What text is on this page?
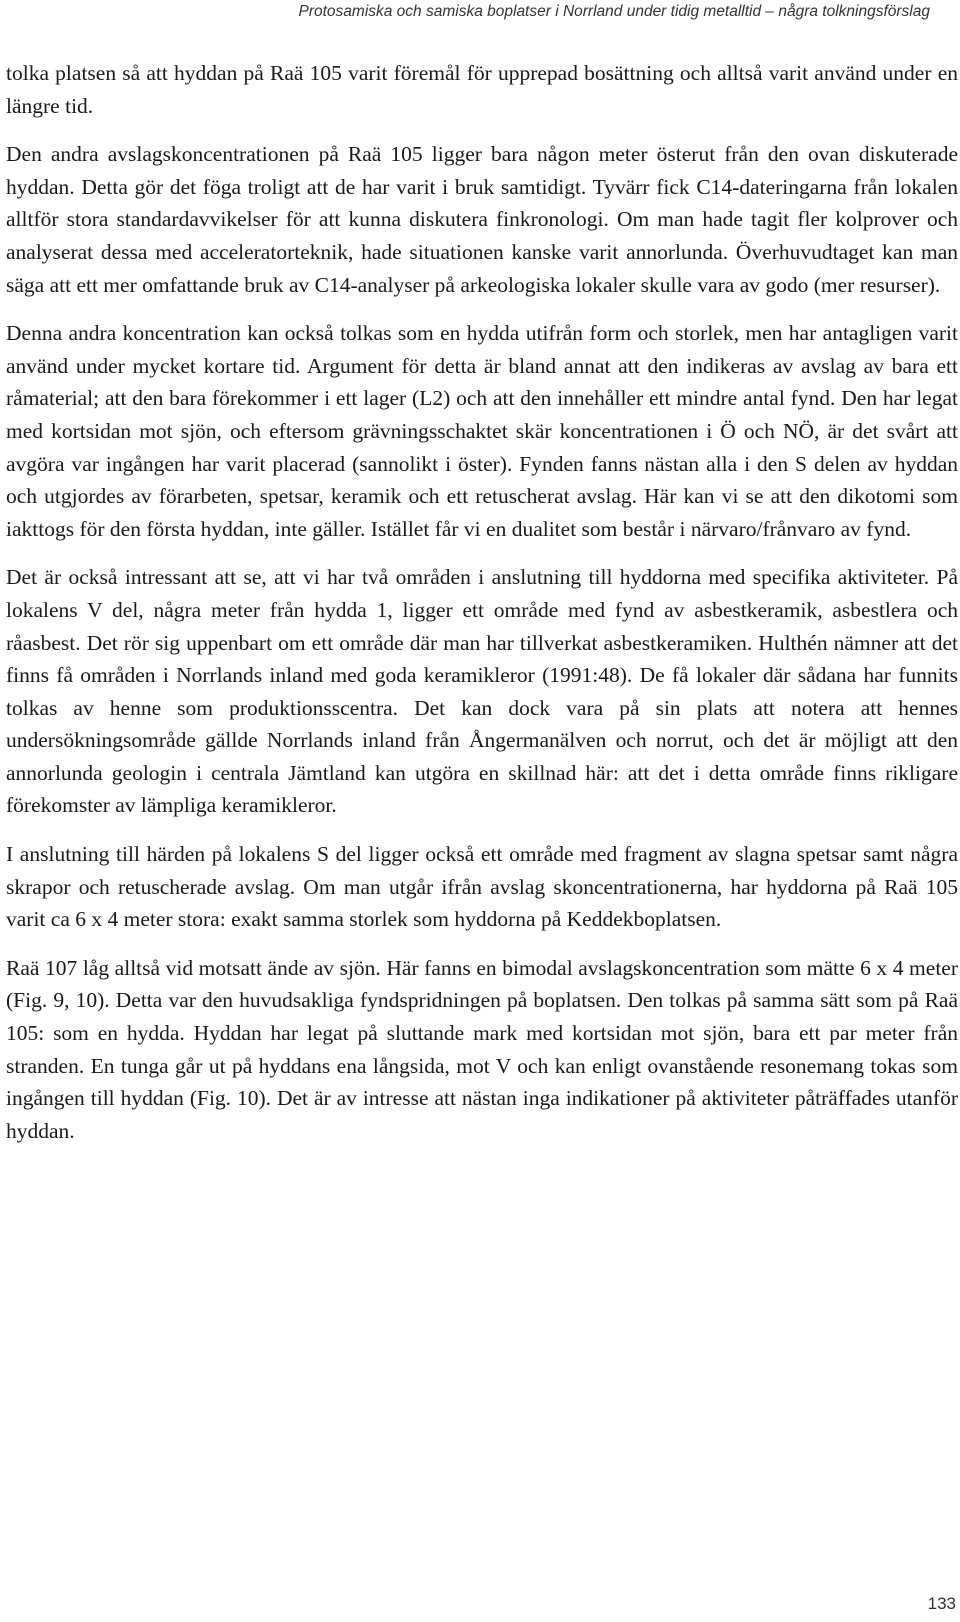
Protosamiska och samiska boplatser i Norrland under tidig metalltid – några tolkningsförslag

tolka platsen så att hyddan på Raä 105 varit föremål för upprepad bosättning och alltså varit använd under en längre tid.

Den andra avslagskoncentrationen på Raä 105 ligger bara någon meter österut från den ovan diskuterade hyddan. Detta gör det föga troligt att de har varit i bruk samtidigt. Tyvärr fick C14-dateringarna från lokalen alltför stora standardavvikelser för att kunna diskutera finkronologi. Om man hade tagit fler kolprover och analyserat dessa med acceleratorteknik, hade situationen kanske varit annorlunda. Överhuvudtaget kan man säga att ett mer omfattande bruk av C14-analyser på arkeologiska lokaler skulle vara av godo (mer resurser).

Denna andra koncentration kan också tolkas som en hydda utifrån form och storlek, men har antagligen varit använd under mycket kortare tid. Argument för detta är bland annat att den indikeras av avslag av bara ett råmaterial; att den bara förekommer i ett lager (L2) och att den innehåller ett mindre antal fynd. Den har legat med kortsidan mot sjön, och eftersom grävningsschaktet skär koncentrationen i Ö och NÖ, är det svårt att avgöra var ingången har varit placerad (sannolikt i öster). Fynden fanns nästan alla i den S delen av hyddan och utgjordes av förarbeten, spetsar, keramik och ett retuscherat avslag. Här kan vi se att den dikotomi som iakttogs för den första hyddan, inte gäller. Istället får vi en dualitet som består i närvaro/frånvaro av fynd.

Det är också intressant att se, att vi har två områden i anslutning till hyddorna med specifika aktiviteter. På lokalens V del, några meter från hydda 1, ligger ett område med fynd av asbestkeramik, asbestlera och råasbest. Det rör sig uppenbart om ett område där man har tillverkat asbestkeramiken. Hulthén nämner att det finns få områden i Norrlands inland med goda keramikleror (1991:48). De få lokaler där sådana har funnits tolkas av henne som produktionsscentra. Det kan dock vara på sin plats att notera att hennes undersökningsområde gällde Norrlands inland från Ångermanälven och norrut, och det är möjligt att den annorlunda geologin i centrala Jämtland kan utgöra en skillnad här: att det i detta område finns rikligare förekomster av lämpliga keramikleror.

I anslutning till härden på lokalens S del ligger också ett område med fragment av slagna spetsar samt några skrapor och retuscherade avslag. Om man utgår ifrån avslag skoncentrationerna, har hyddorna på Raä 105 varit ca 6 x 4 meter stora: exakt samma storlek som hyddorna på Keddekboplatsen.

Raä 107 låg alltså vid motsatt ände av sjön. Här fanns en bimodal avslagskoncentration som mätte 6 x 4 meter (Fig. 9, 10). Detta var den huvudsakliga fyndspridningen på boplatsen. Den tolkas på samma sätt som på Raä 105: som en hydda. Hyddan har legat på sluttande mark med kortsidan mot sjön, bara ett par meter från stranden. En tunga går ut på hyddans ena långsida, mot V och kan enligt ovanstående resonemang tokas som ingången till hyddan (Fig. 10). Det är av intresse att nästan inga indikationer på aktiviteter påträffades utanför hyddan.

133
